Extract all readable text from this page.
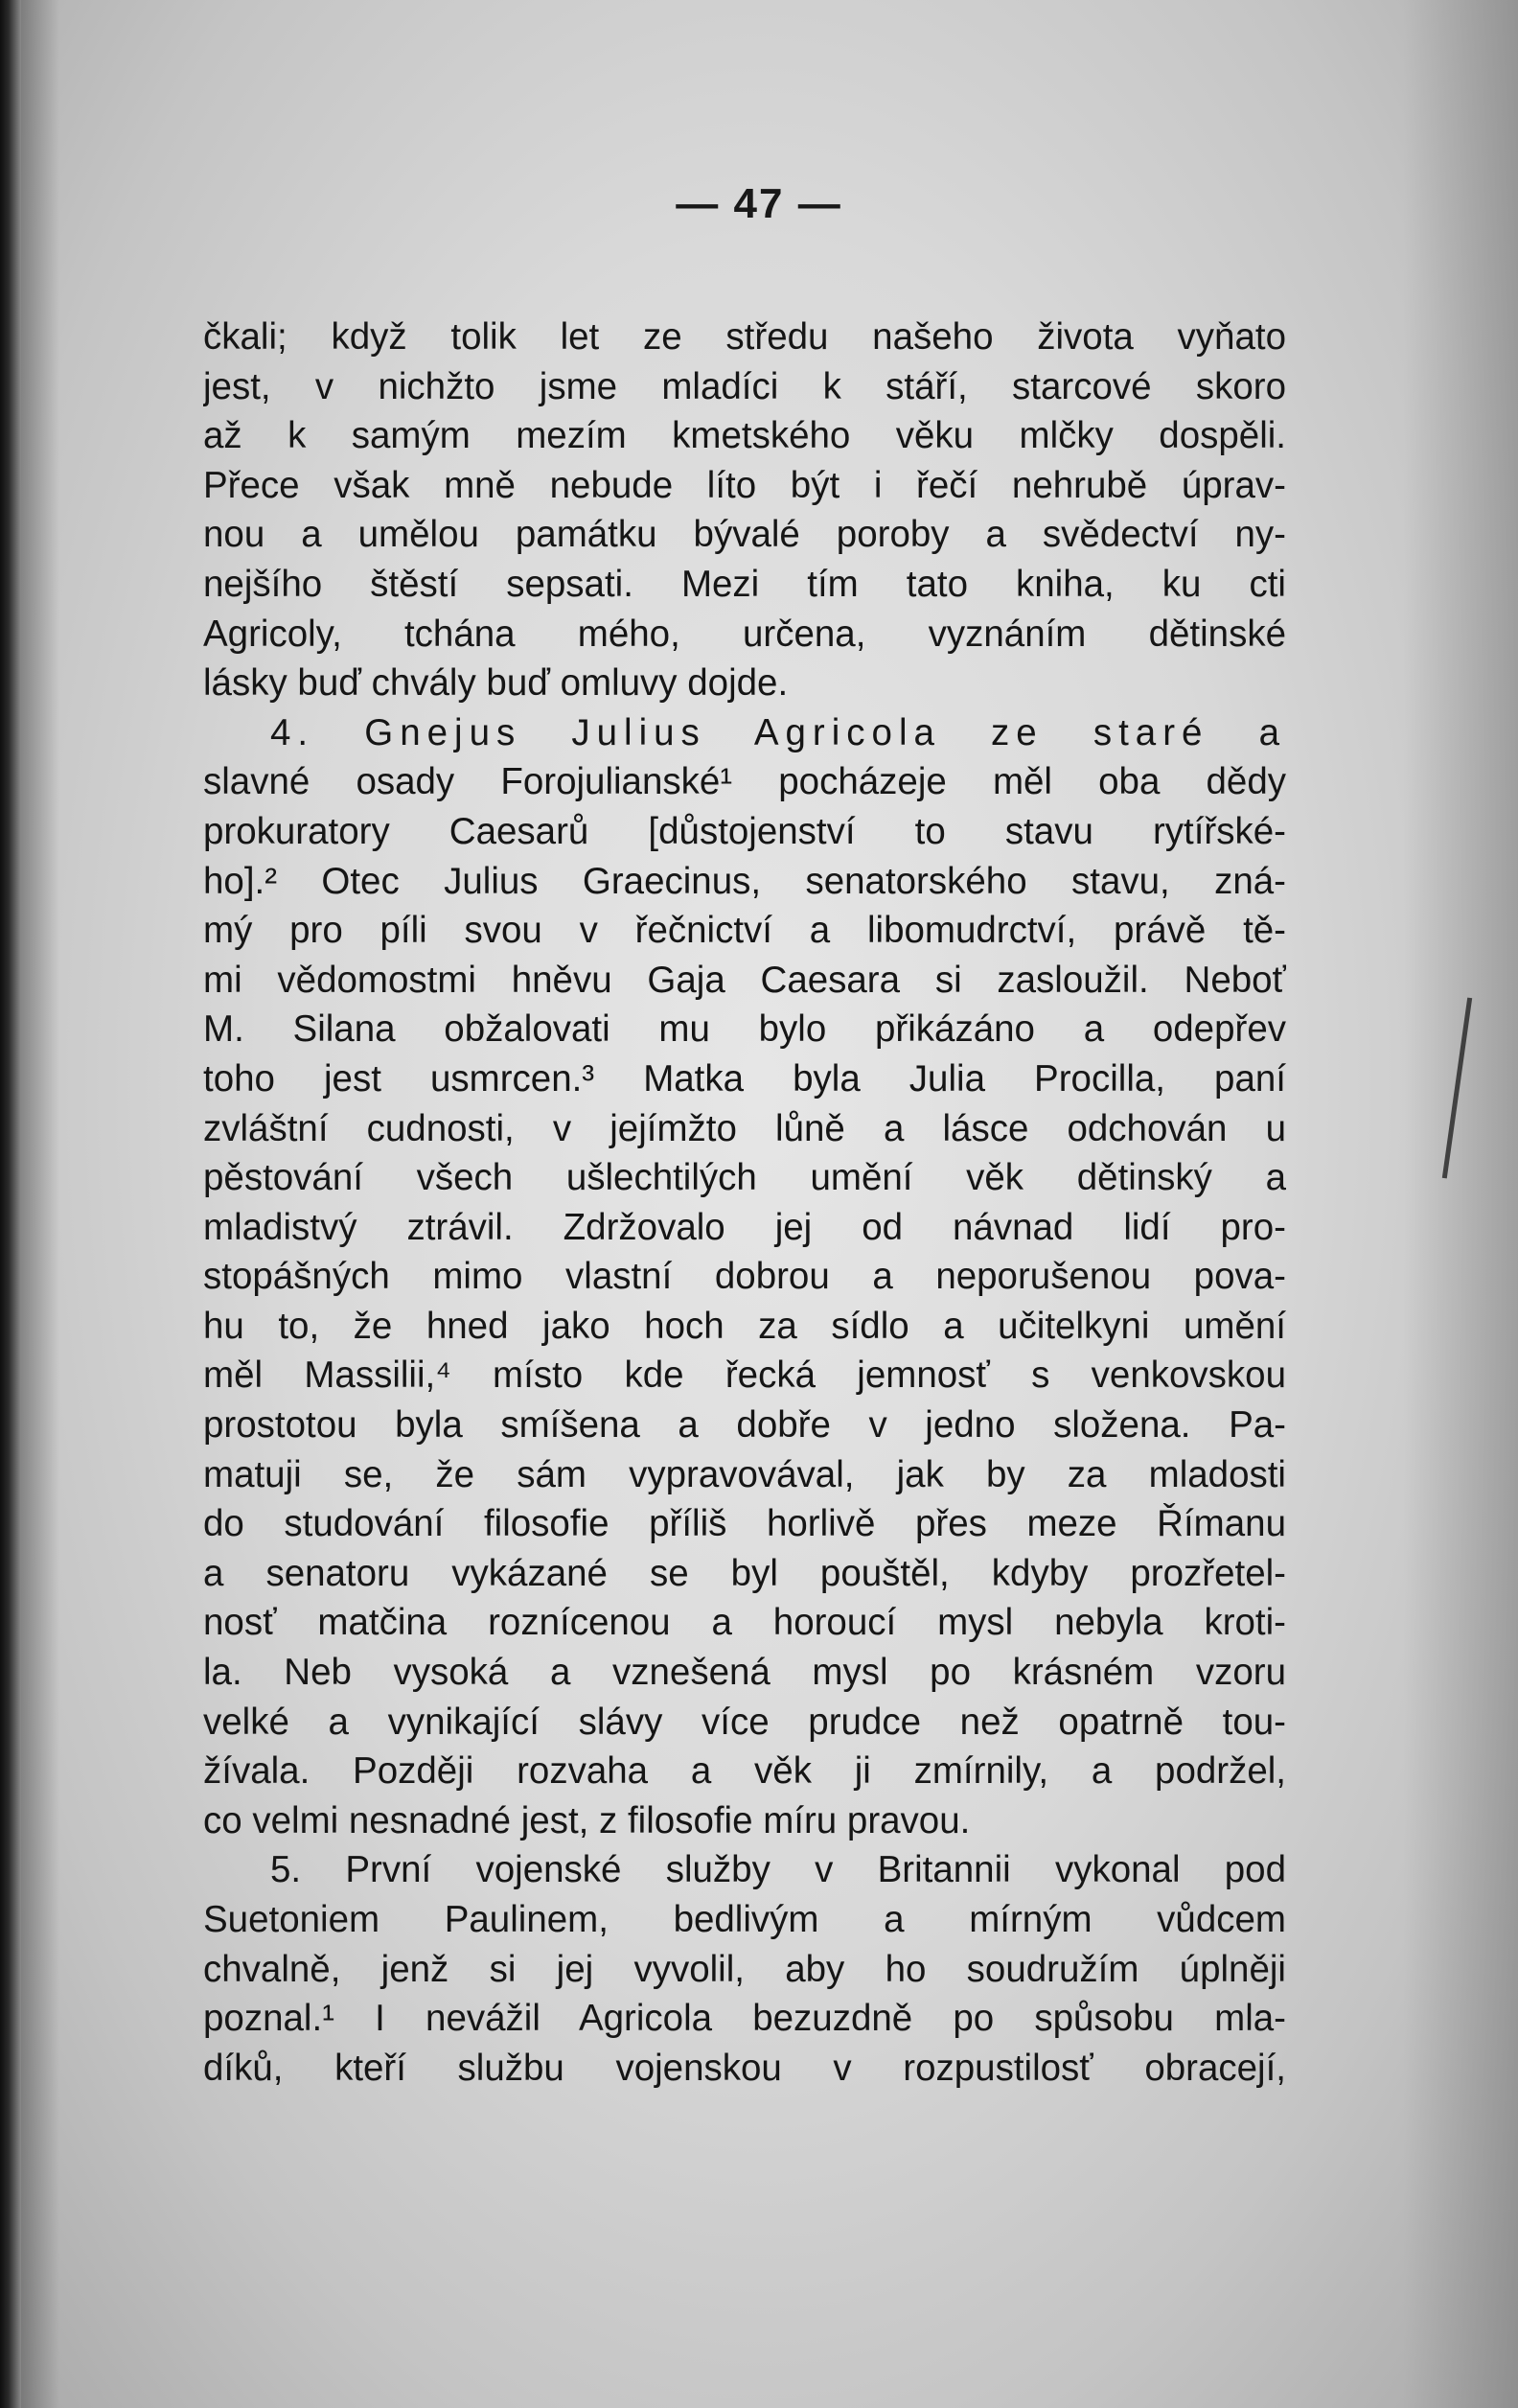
— 47 —
čkali; když tolik let ze středu našeho života vyňato
jest, v nichžto jsme mladíci k stáří, starcové skoro
až k samým mezím kmetského věku mlčky dospěli.
Přece však mně nebude líto být i řečí nehrubě úprav-
nou a umělou památku bývalé poroby a svědectví ny-
nejšího štěstí sepsati. Mezi tím tato kniha, ku cti
Agricoly, tchána mého, určena, vyznáním dětinské
lásky buď chvály buď omluvy dojde.
4. Gnejus Julius Agricola ze staré a
slavné osady Forojulianské¹ pocházeje měl oba dědy
prokuratory Caesarů [důstojenství to stavu rytířské-
ho].² Otec Julius Graecinus, senatorského stavu, zná-
mý pro píli svou v řečnictví a libomudrctví, právě tě-
mi vědomostmi hněvu Gaja Caesara si zasloužil. Neboť
M. Silana obžalovati mu bylo přikázáno a odepřev
toho jest usmrcen.³ Matka byla Julia Procilla, paní
zvláštní cudnosti, v jejímžto lůně a lásce odchován u
pěstování všech ušlechtilých umění věk dětinský a
mladistvý ztrávil. Zdržovalo jej od návnad lidí pro-
stopášných mimo vlastní dobrou a neporušenou pova-
hu to, že hned jako hoch za sídlo a učitelkyni umění
měl Massilii,⁴ místo kde řecká jemnosť s venkovskou
prostotou byla smíšena a dobře v jedno složena. Pa-
matuji se, že sám vypravovával, jak by za mladosti
do studování filosofie příliš horlivě přes meze Římanu
a senatoru vykázané se byl pouštěl, kdyby prozřetel-
nosť matčina roznícenou a horoucí mysl nebyla kroti-
la. Neb vysoká a vznešená mysl po krásném vzoru
velké a vynikající slávy více prudce než opatrně tou-
žívala. Později rozvaha a věk ji zmírnily, a podržel,
co velmi nesnadné jest, z filosofie míru pravou.
5. První vojenské služby v Britannii vykonal pod
Suetoniem Paulinem, bedlivým a mírným vůdcem
chvalně, jenž si jej vyvolil, aby ho soudružím úplněji
poznal.¹ I nevážil Agricola bezuzdně po spůsobu mla-
díků, kteří službu vojenskou v rozpustilosť obracejí,
